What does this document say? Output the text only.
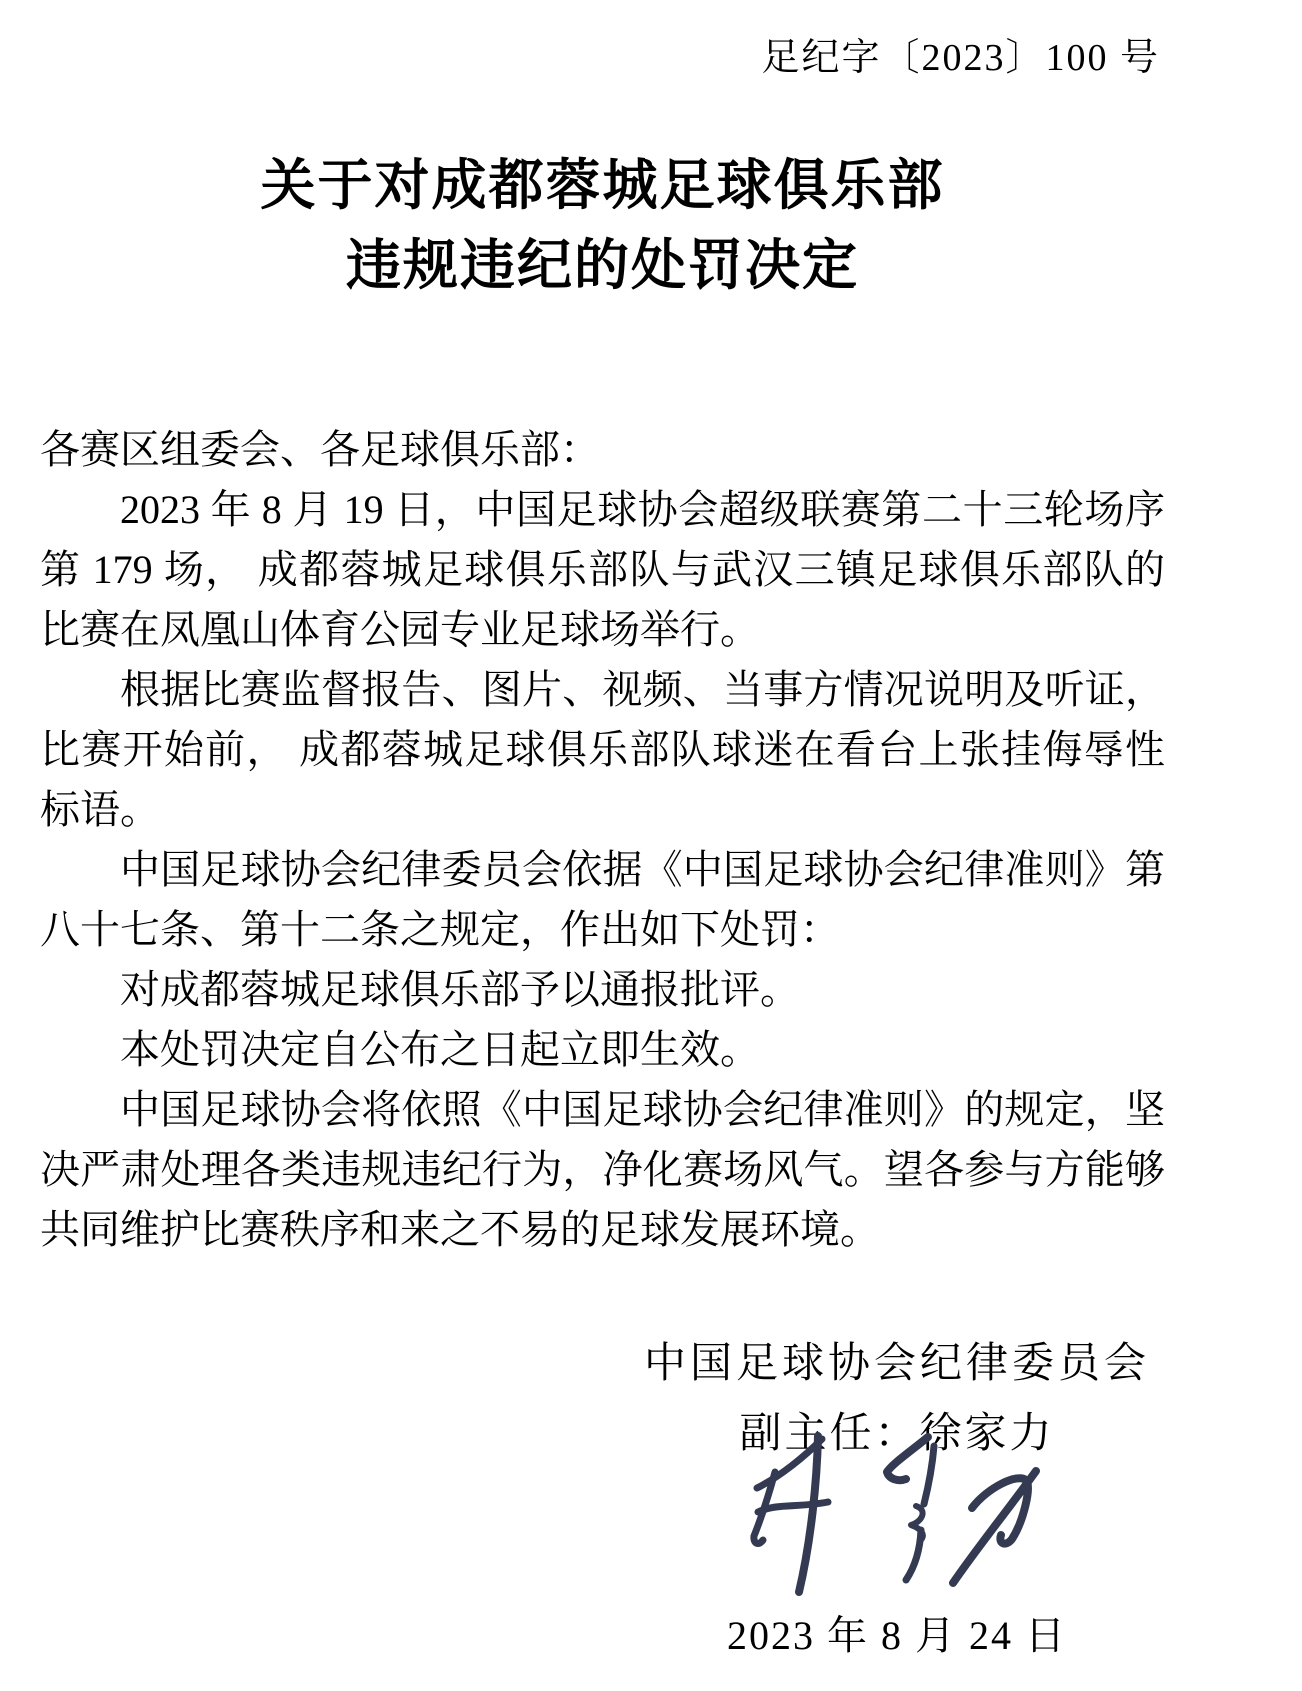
足纪字〔2023〕100 号
关于对成都蓉城足球俱乐部
违规违纪的处罚决定
各赛区组委会、各足球俱乐部：
2023 年 8 月 19 日，中国足球协会超级联赛第二十三轮场序
第 179 场， 成都蓉城足球俱乐部队与武汉三镇足球俱乐部队的
比赛在凤凰山体育公园专业足球场举行。
根据比赛监督报告、图片、视频、当事方情况说明及听证，
比赛开始前， 成都蓉城足球俱乐部队球迷在看台上张挂侮辱性
标语。
中国足球协会纪律委员会依据《中国足球协会纪律准则》第
八十七条、第十二条之规定，作出如下处罚：
对成都蓉城足球俱乐部予以通报批评。
本处罚决定自公布之日起立即生效。
中国足球协会将依照《中国足球协会纪律准则》的规定，坚
决严肃处理各类违规违纪行为，净化赛场风气。望各参与方能够
共同维护比赛秩序和来之不易的足球发展环境。
中国足球协会纪律委员会
副主任：徐家力
2023 年 8 月 24 日
